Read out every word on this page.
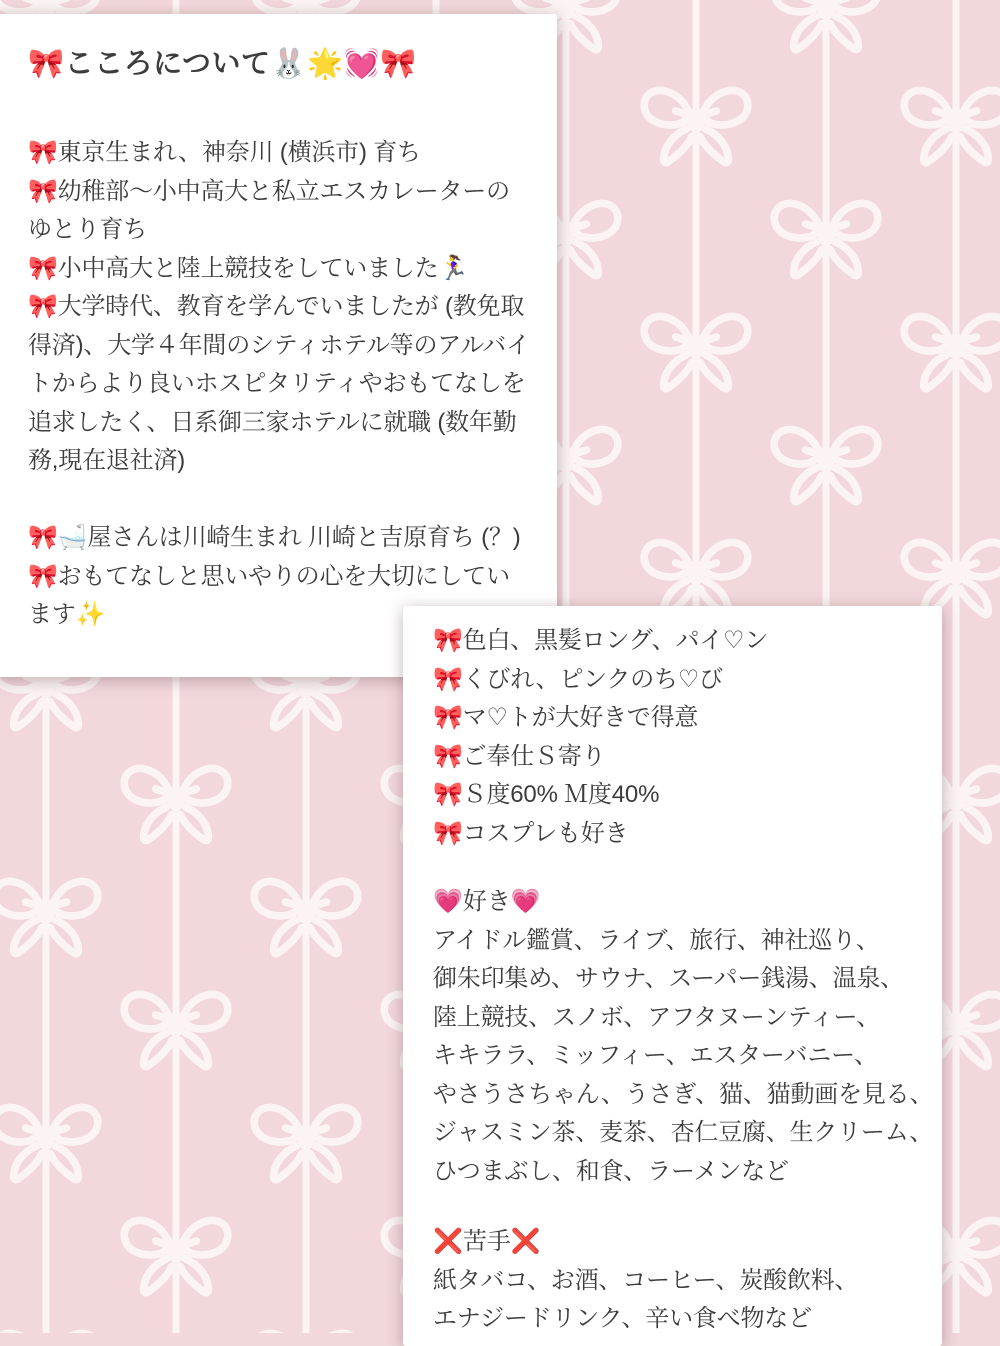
🎀こころについて🐰🌟💓🎀

🎀東京生まれ、神奈川 (横浜市) 育ち

🎀幼稚部〜小中高大と私立エスカレーターの

ゆとり育ち

🎀小中高大と陸上競技をしていました🏃‍♀️

🎀大学時代、教育を学んでいましたが (教免取

得済)、大学４年間のシティホテル等のアルバイ

トからより良いホスピタリティやおもてなしを

追求したく、日系御三家ホテルに就職 (数年勤

務,現在退社済)

🎀🛁屋さんは川崎生まれ 川崎と吉原育ち (？)

🎀おもてなしと思いやりの心を大切にしてい

ます✨

🎀色白、黒髪ロング、パイ♡ン

🎀くびれ、ピンクのち♡び

🎀マ♡トが大好きで得意

🎀ご奉仕Ｓ寄り

🎀Ｓ度60% Ｍ度40%

🎀コスプレも好き

💗好き💗

アイドル鑑賞、ライブ、旅行、神社巡り、

御朱印集め、サウナ、スーパー銭湯、温泉、

陸上競技、スノボ、アフタヌーンティー、

キキララ、ミッフィー、エスターバニー、

やさうさちゃん、うさぎ、猫、猫動画を見る、

ジャスミン茶、麦茶、杏仁豆腐、生クリーム、

ひつまぶし、和食、ラーメンなど

❌苦手❌

紙タバコ、お酒、コーヒー、炭酸飲料、

エナジードリンク、辛い食べ物など
